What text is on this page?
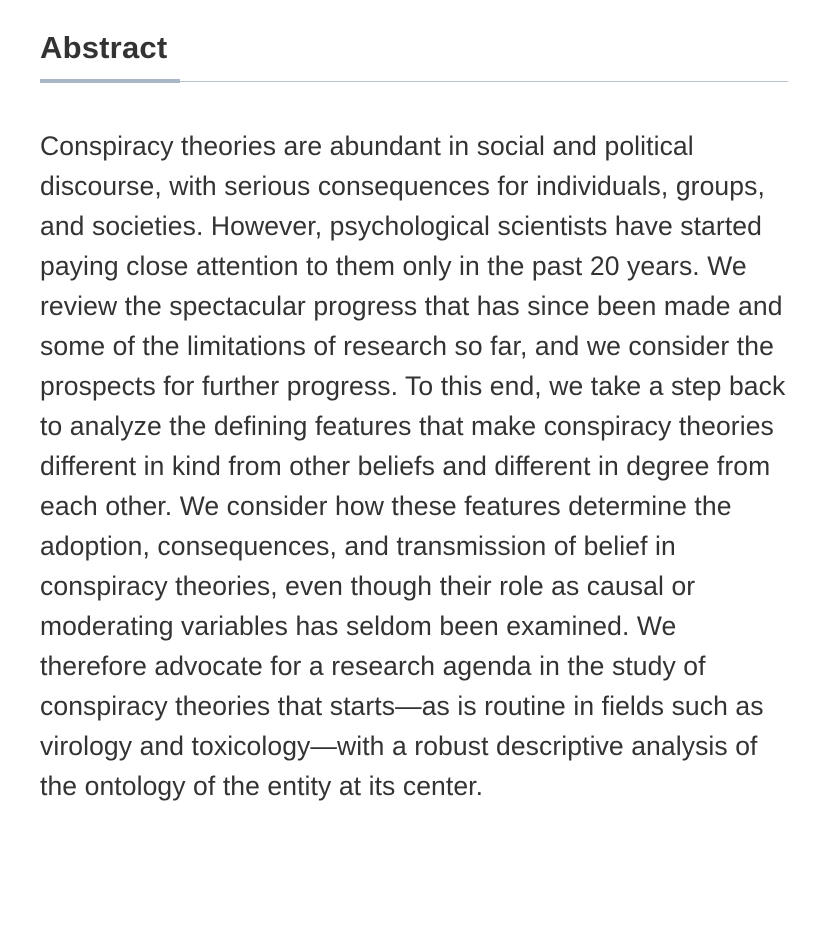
Abstract

Conspiracy theories are abundant in social and political discourse, with serious consequences for individuals, groups, and societies. However, psychological scientists have started paying close attention to them only in the past 20 years. We review the spectacular progress that has since been made and some of the limitations of research so far, and we consider the prospects for further progress. To this end, we take a step back to analyze the defining features that make conspiracy theories different in kind from other beliefs and different in degree from each other. We consider how these features determine the adoption, consequences, and transmission of belief in conspiracy theories, even though their role as causal or moderating variables has seldom been examined. We therefore advocate for a research agenda in the study of conspiracy theories that starts—as is routine in fields such as virology and toxicology—with a robust descriptive analysis of the ontology of the entity at its center.
